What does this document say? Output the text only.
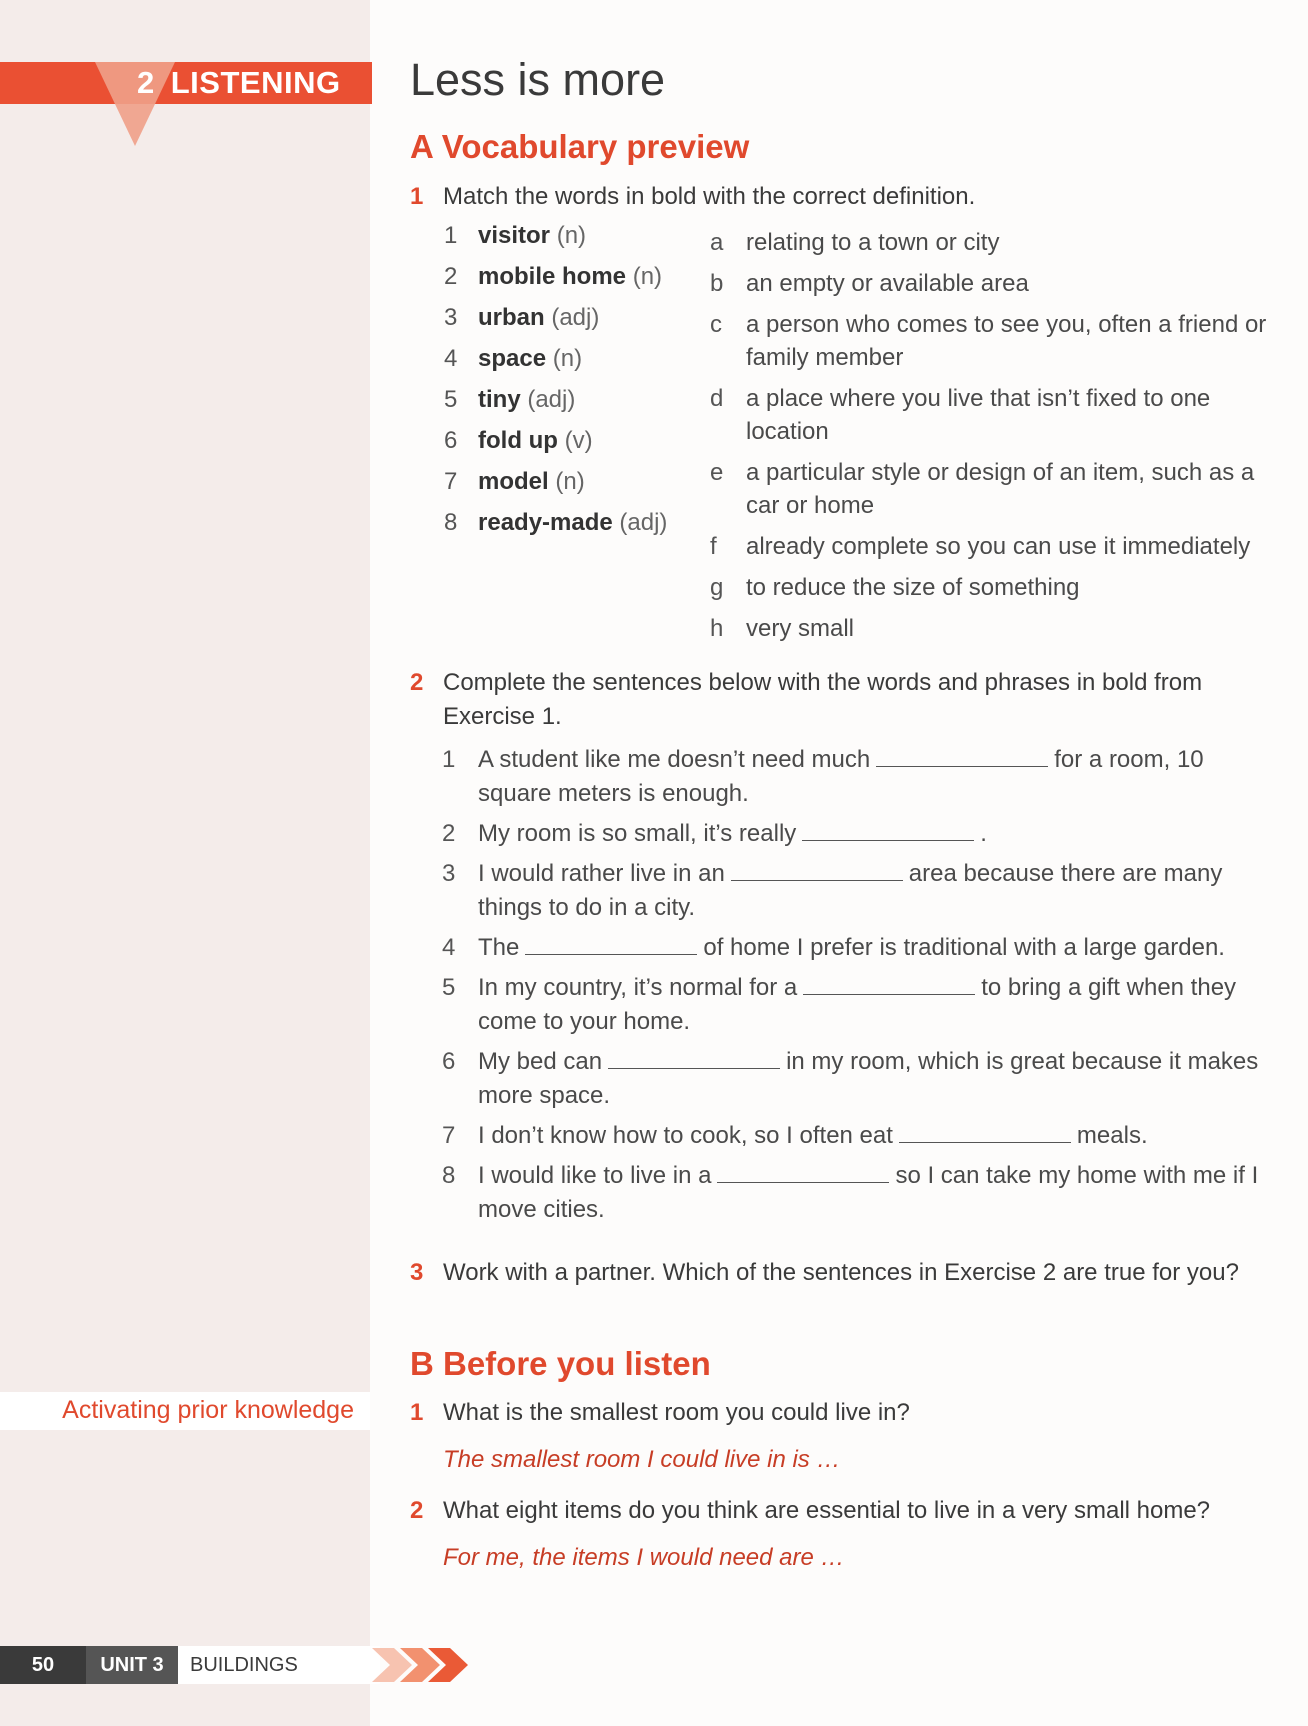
2 LISTENING Less is more
A Vocabulary preview
1 Match the words in bold with the correct definition.
1 visitor (n)
2 mobile home (n)
3 urban (adj)
4 space (n)
5 tiny (adj)
6 fold up (v)
7 model (n)
8 ready-made (adj)
a relating to a town or city
b an empty or available area
c a person who comes to see you, often a friend or family member
d a place where you live that isn’t fixed to one location
e a particular style or design of an item, such as a car or home
f already complete so you can use it immediately
g to reduce the size of something
h very small
2 Complete the sentences below with the words and phrases in bold from Exercise 1.
1 A student like me doesn’t need much	for a room, 10 square meters is enough.
2 My room is so small, it’s really	.
3 I would rather live in an	area because there are many things to do in a city.
4 The	of home I prefer is traditional with a large garden.
5 In my country, it’s normal for a	to bring a gift when they come to your home.
6 My bed can	in my room, which is great because it makes more space.
7 I don’t know how to cook, so I often eat	meals.
8 I would like to live in a	so I can take my home with me if I move cities.
3 Work with a partner. Which of the sentences in Exercise 2 are true for you?
B Before you listen
Activating prior knowledge 1 What is the smallest room you could live in?
The smallest room I could live in is …
2 What eight items do you think are essential to live in a very small home?
For me, the items I would need are …
50	UNIT 3	BUILDINGS
